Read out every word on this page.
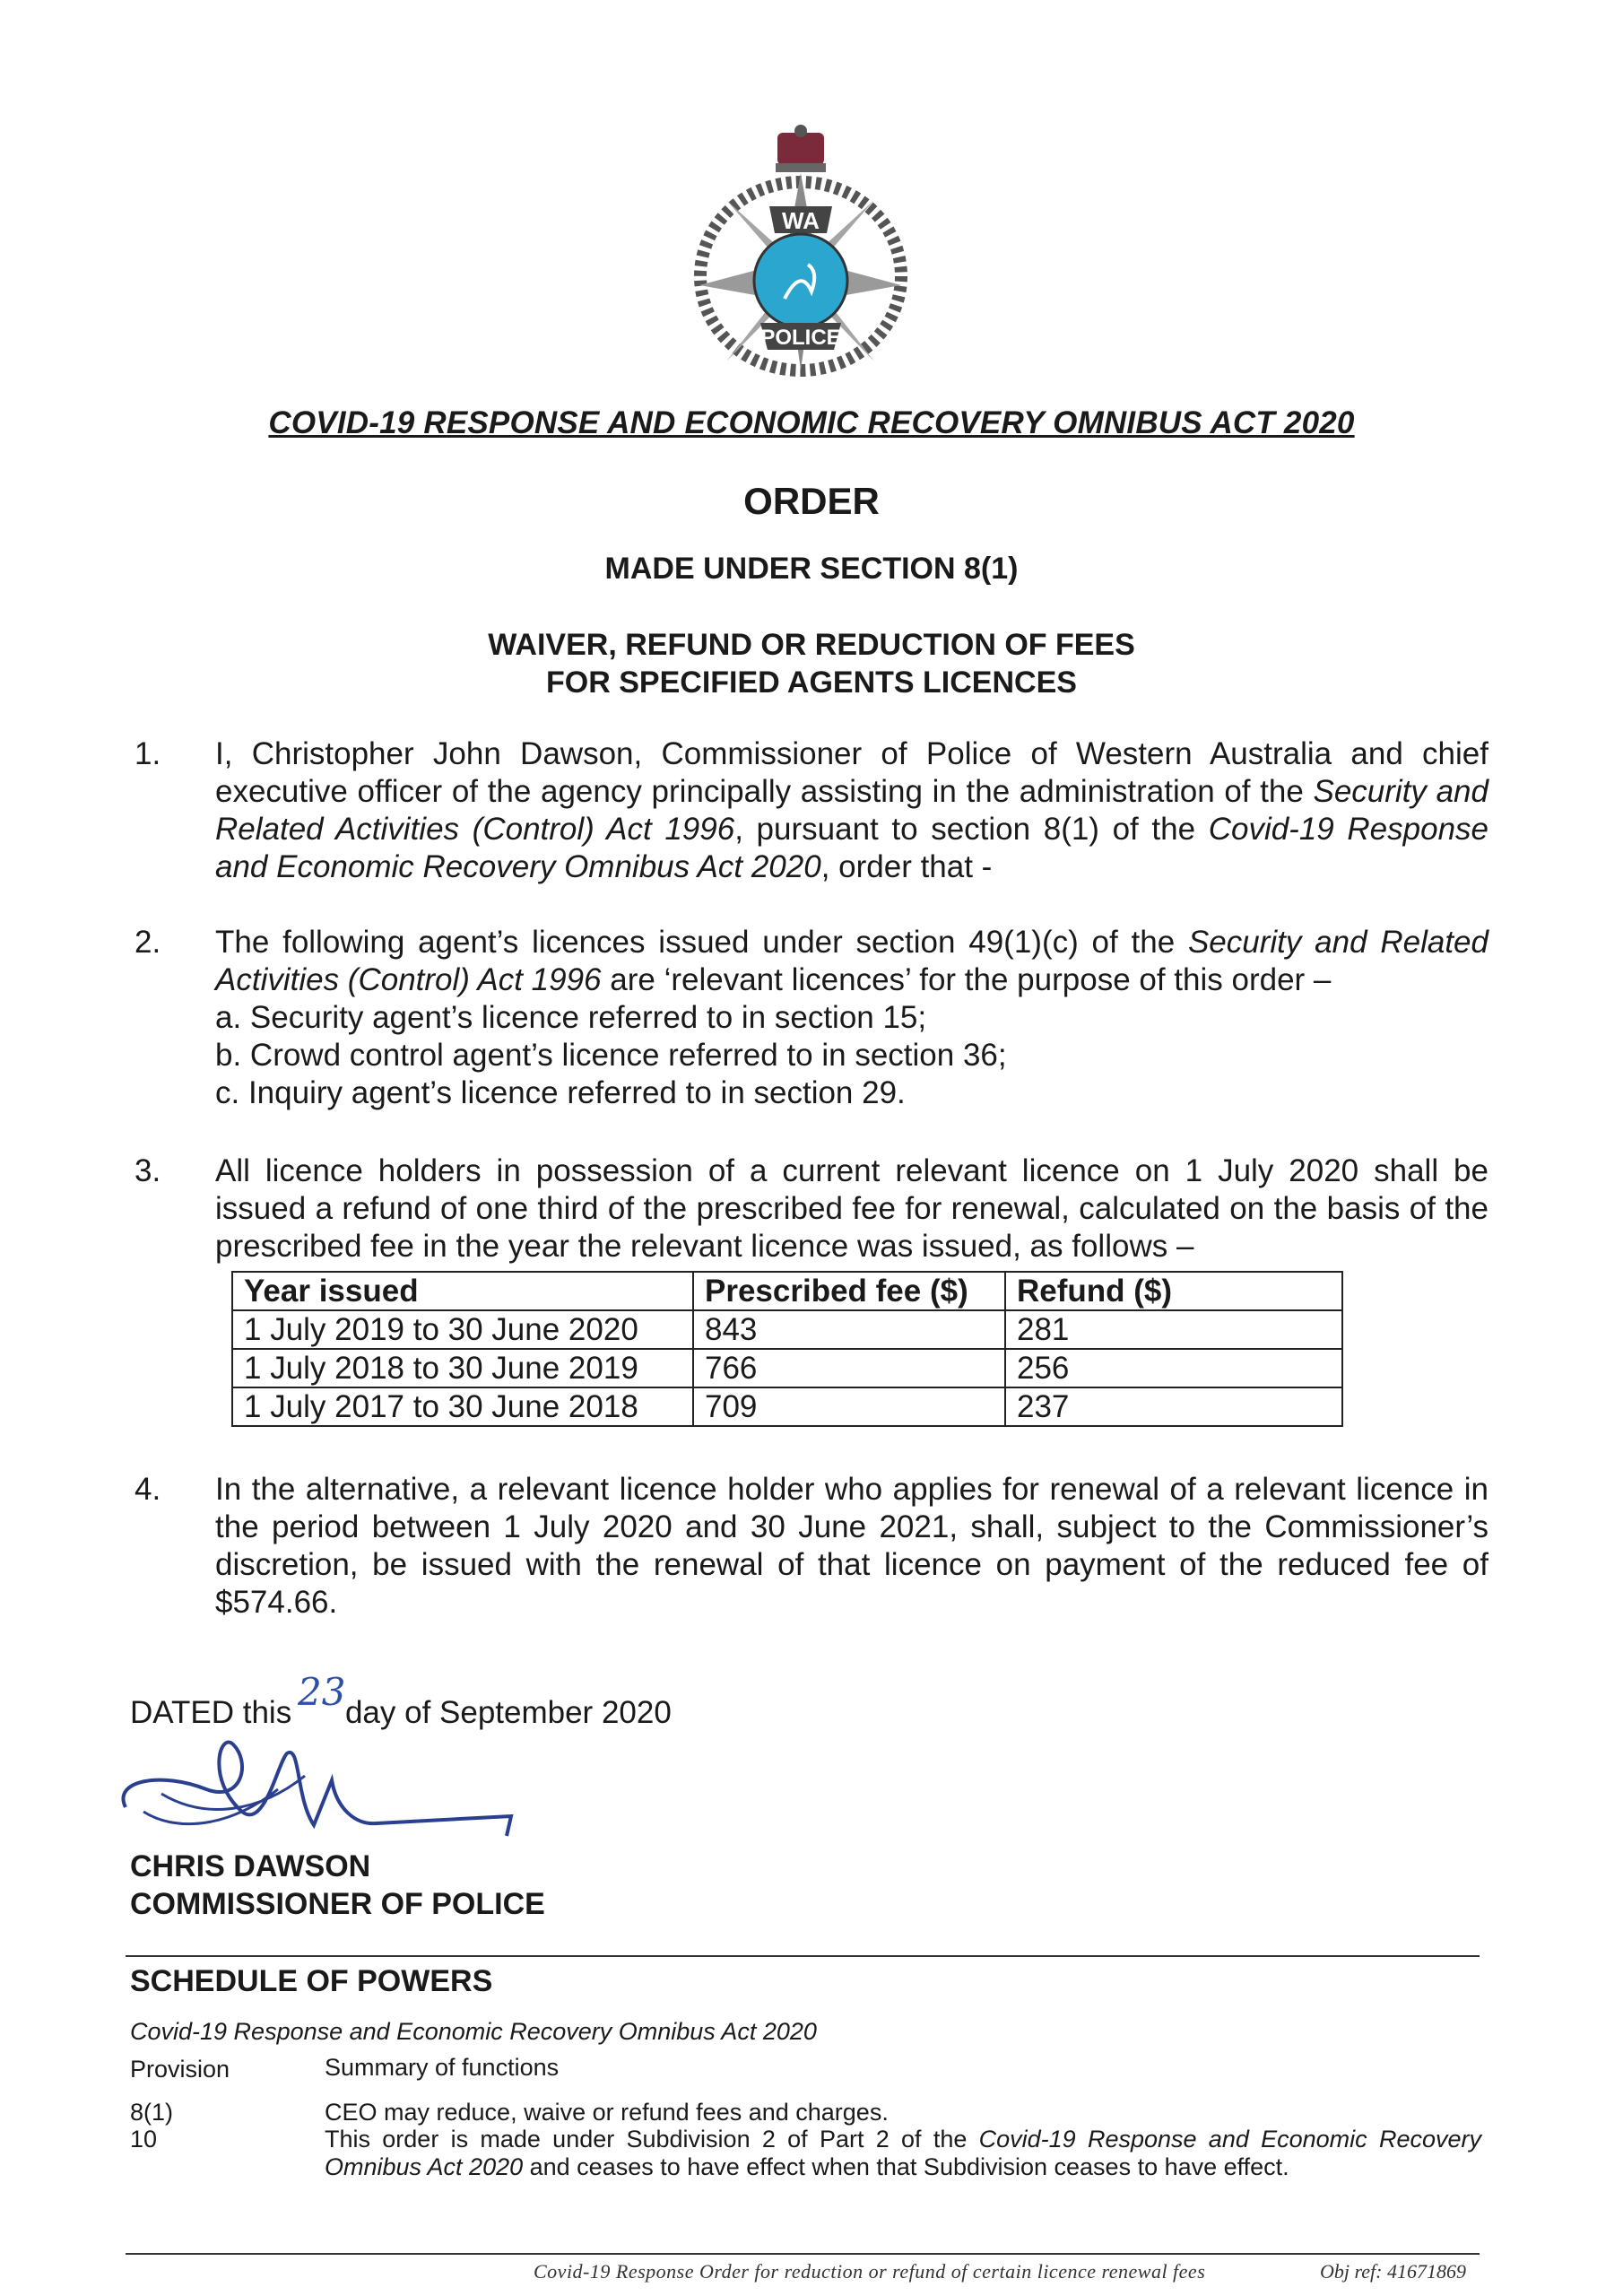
WA
POLICE
COVID-19 RESPONSE AND ECONOMIC RECOVERY OMNIBUS ACT 2020
ORDER
MADE UNDER SECTION 8(1)
WAIVER, REFUND OR REDUCTION OF FEES
FOR SPECIFIED AGENTS LICENCES
1. I, Christopher John Dawson, Commissioner of Police of Western Australia and chief executive officer of the agency principally assisting in the administration of the Security and Related Activities (Control) Act 1996, pursuant to section 8(1) of the Covid-19 Response and Economic Recovery Omnibus Act 2020, order that -
2. The following agent’s licences issued under section 49(1)(c) of the Security and Related Activities (Control) Act 1996 are ‘relevant licences’ for the purpose of this order –
a. Security agent’s licence referred to in section 15;
b. Crowd control agent’s licence referred to in section 36;
c. Inquiry agent’s licence referred to in section 29.
3. All licence holders in possession of a current relevant licence on 1 July 2020 shall be issued a refund of one third of the prescribed fee for renewal, calculated on the basis of the prescribed fee in the year the relevant licence was issued, as follows –
Year issued	Prescribed fee ($)	Refund ($)
1 July 2019 to 30 June 2020	843	281
1 July 2018 to 30 June 2019	766	256
1 July 2017 to 30 June 2018	709	237
4. In the alternative, a relevant licence holder who applies for renewal of a relevant licence in the period between 1 July 2020 and 30 June 2021, shall, subject to the Commissioner’s discretion, be issued with the renewal of that licence on payment of the reduced fee of $574.66.
DATED this day of September 2020
23
CHRIS DAWSON
COMMISSIONER OF POLICE
SCHEDULE OF POWERS
Covid-19 Response and Economic Recovery Omnibus Act 2020
Provision	Summary of functions
8(1)	CEO may reduce, waive or refund fees and charges.
10	This order is made under Subdivision 2 of Part 2 of the Covid-19 Response and Economic Recovery Omnibus Act 2020 and ceases to have effect when that Subdivision ceases to have effect.
Covid-19 Response Order for reduction or refund of certain licence renewal fees	Obj ref: 41671869
